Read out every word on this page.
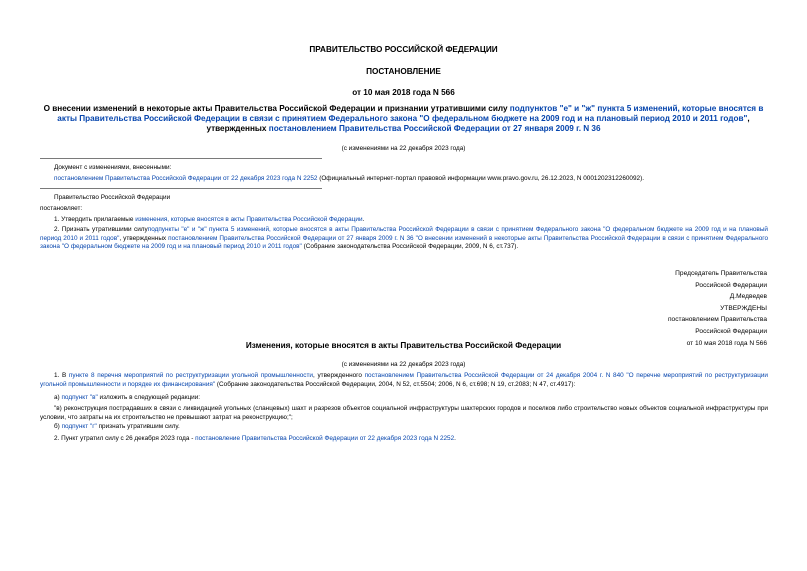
ПРАВИТЕЛЬСТВО РОССИЙСКОЙ ФЕДЕРАЦИИ
ПОСТАНОВЛЕНИЕ
от 10 мая 2018 года N 566
О внесении изменений в некоторые акты Правительства Российской Федерации и признании утратившими силу подпунктов "е" и "ж" пункта 5 изменений, которые вносятся в акты Правительства Российской Федерации в связи с принятием Федерального закона "О федеральном бюджете на 2009 год и на плановый период 2010 и 2011 годов", утвержденных постановлением Правительства Российской Федерации от 27 января 2009 г. N 36
(с изменениями на 22 декабря 2023 года)
Документ с изменениями, внесенными:
постановлением Правительства Российской Федерации от 22 декабря 2023 года N 2252 (Официальный интернет-портал правовой информации www.pravo.gov.ru, 26.12.2023, N 0001202312260092).
Правительство Российской Федерации
постановляет:
1. Утвердить прилагаемые изменения, которые вносятся в акты Правительства Российской Федерации.
2. Признать утратившими силуподпункты "е" и "ж" пункта 5 изменений, которые вносятся в акты Правительства Российской Федерации в связи с принятием Федерального закона "О федеральном бюджете на 2009 год и на плановый период 2010 и 2011 годов", утвержденных постановлением Правительства Российской Федерации от 27 января 2009 г. N 36 "О внесении изменений в некоторые акты Правительства Российской Федерации в связи с принятием Федерального закона "О федеральном бюджете на 2009 год и на плановый период 2010 и 2011 годов" (Собрание законодательства Российской Федерации, 2009, N 6, ст.737).
Председатель Правительства
Российской Федерации
Д.Медведев
УТВЕРЖДЕНЫ
постановлением Правительства
Российской Федерации
от 10 мая 2018 года N 566
Изменения, которые вносятся в акты Правительства Российской Федерации
(с изменениями на 22 декабря 2023 года)
1. В пункте 8 перечня мероприятий по реструктуризации угольной промышленности, утвержденного постановлением Правительства Российской Федерации от 24 декабря 2004 г. N 840 "О перечне мероприятий по реструктуризации угольной промышленности и порядке их финансирования" (Собрание законодательства Российской Федерации, 2004, N 52, ст.5504; 2006, N 6, ст.698; N 19, ст.2083; N 47, ст.4917):
а) подпункт "в" изложить в следующей редакции:
"в) реконструкция пострадавших в связи с ликвидацией угольных (сланцевых) шахт и разрезов объектов социальной инфраструктуры шахтерских городов и поселков либо строительство новых объектов социальной инфраструктуры при условии, что затраты на их строительство не превышают затрат на реконструкцию;";
б) подпункт "г" признать утратившим силу.
2. Пункт утратил силу с 26 декабря 2023 года - постановление Правительства Российской Федерации от 22 декабря 2023 года N 2252.
